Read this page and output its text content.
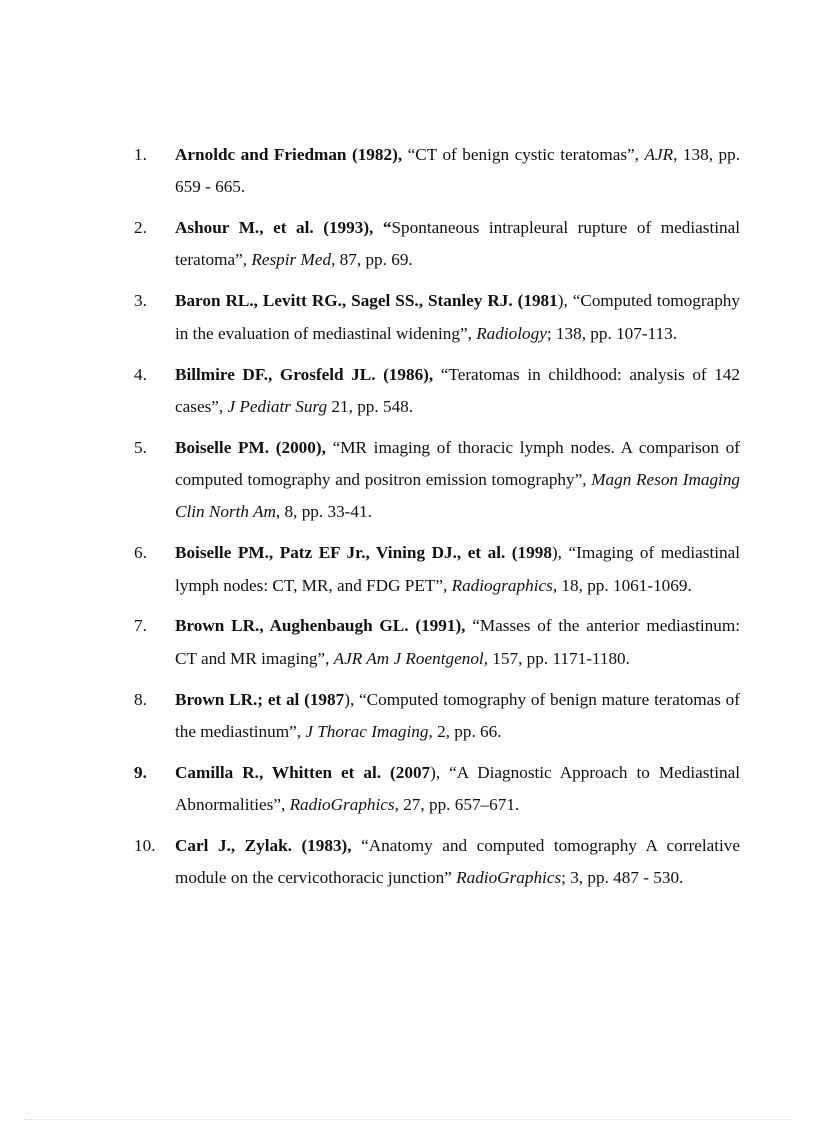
1.	Arnoldc and Friedman (1982), “CT of benign cystic teratomas”, AJR, 138, pp. 659 - 665.
2.	Ashour M., et al. (1993), “Spontaneous intrapleural rupture of mediastinal teratoma”, Respir Med, 87, pp. 69.
3.	Baron RL., Levitt RG., Sagel SS., Stanley RJ. (1981), “Computed tomography in the evaluation of mediastinal widening”, Radiology; 138, pp. 107-113.
4.	Billmire DF., Grosfeld JL. (1986), “Teratomas in childhood: analysis of 142 cases”, J Pediatr Surg 21, pp. 548.
5.	Boiselle PM. (2000), “MR imaging of thoracic lymph nodes. A comparison of computed tomography and positron emission tomography”, Magn Reson Imaging Clin North Am, 8, pp. 33-41.
6.	Boiselle PM., Patz EF Jr., Vining DJ., et al. (1998), “Imaging of mediastinal lymph nodes: CT, MR, and FDG PET”, Radiographics, 18, pp. 1061-1069.
7.	Brown LR., Aughenbaugh GL. (1991), “Masses of the anterior mediastinum: CT and MR imaging”, AJR Am J Roentgenol, 157, pp. 1171-1180.
8.	Brown LR.; et al (1987), “Computed tomography of benign mature teratomas of the mediastinum”, J Thorac Imaging, 2, pp. 66.
9.	Camilla R., Whitten et al. (2007), “A Diagnostic Approach to Mediastinal Abnormalities”, RadioGraphics, 27, pp. 657–671.
10.	Carl J., Zylak. (1983), “Anatomy and computed tomography A correlative module on the cervicothoracic junction” RadioGraphics; 3, pp. 487 - 530.
